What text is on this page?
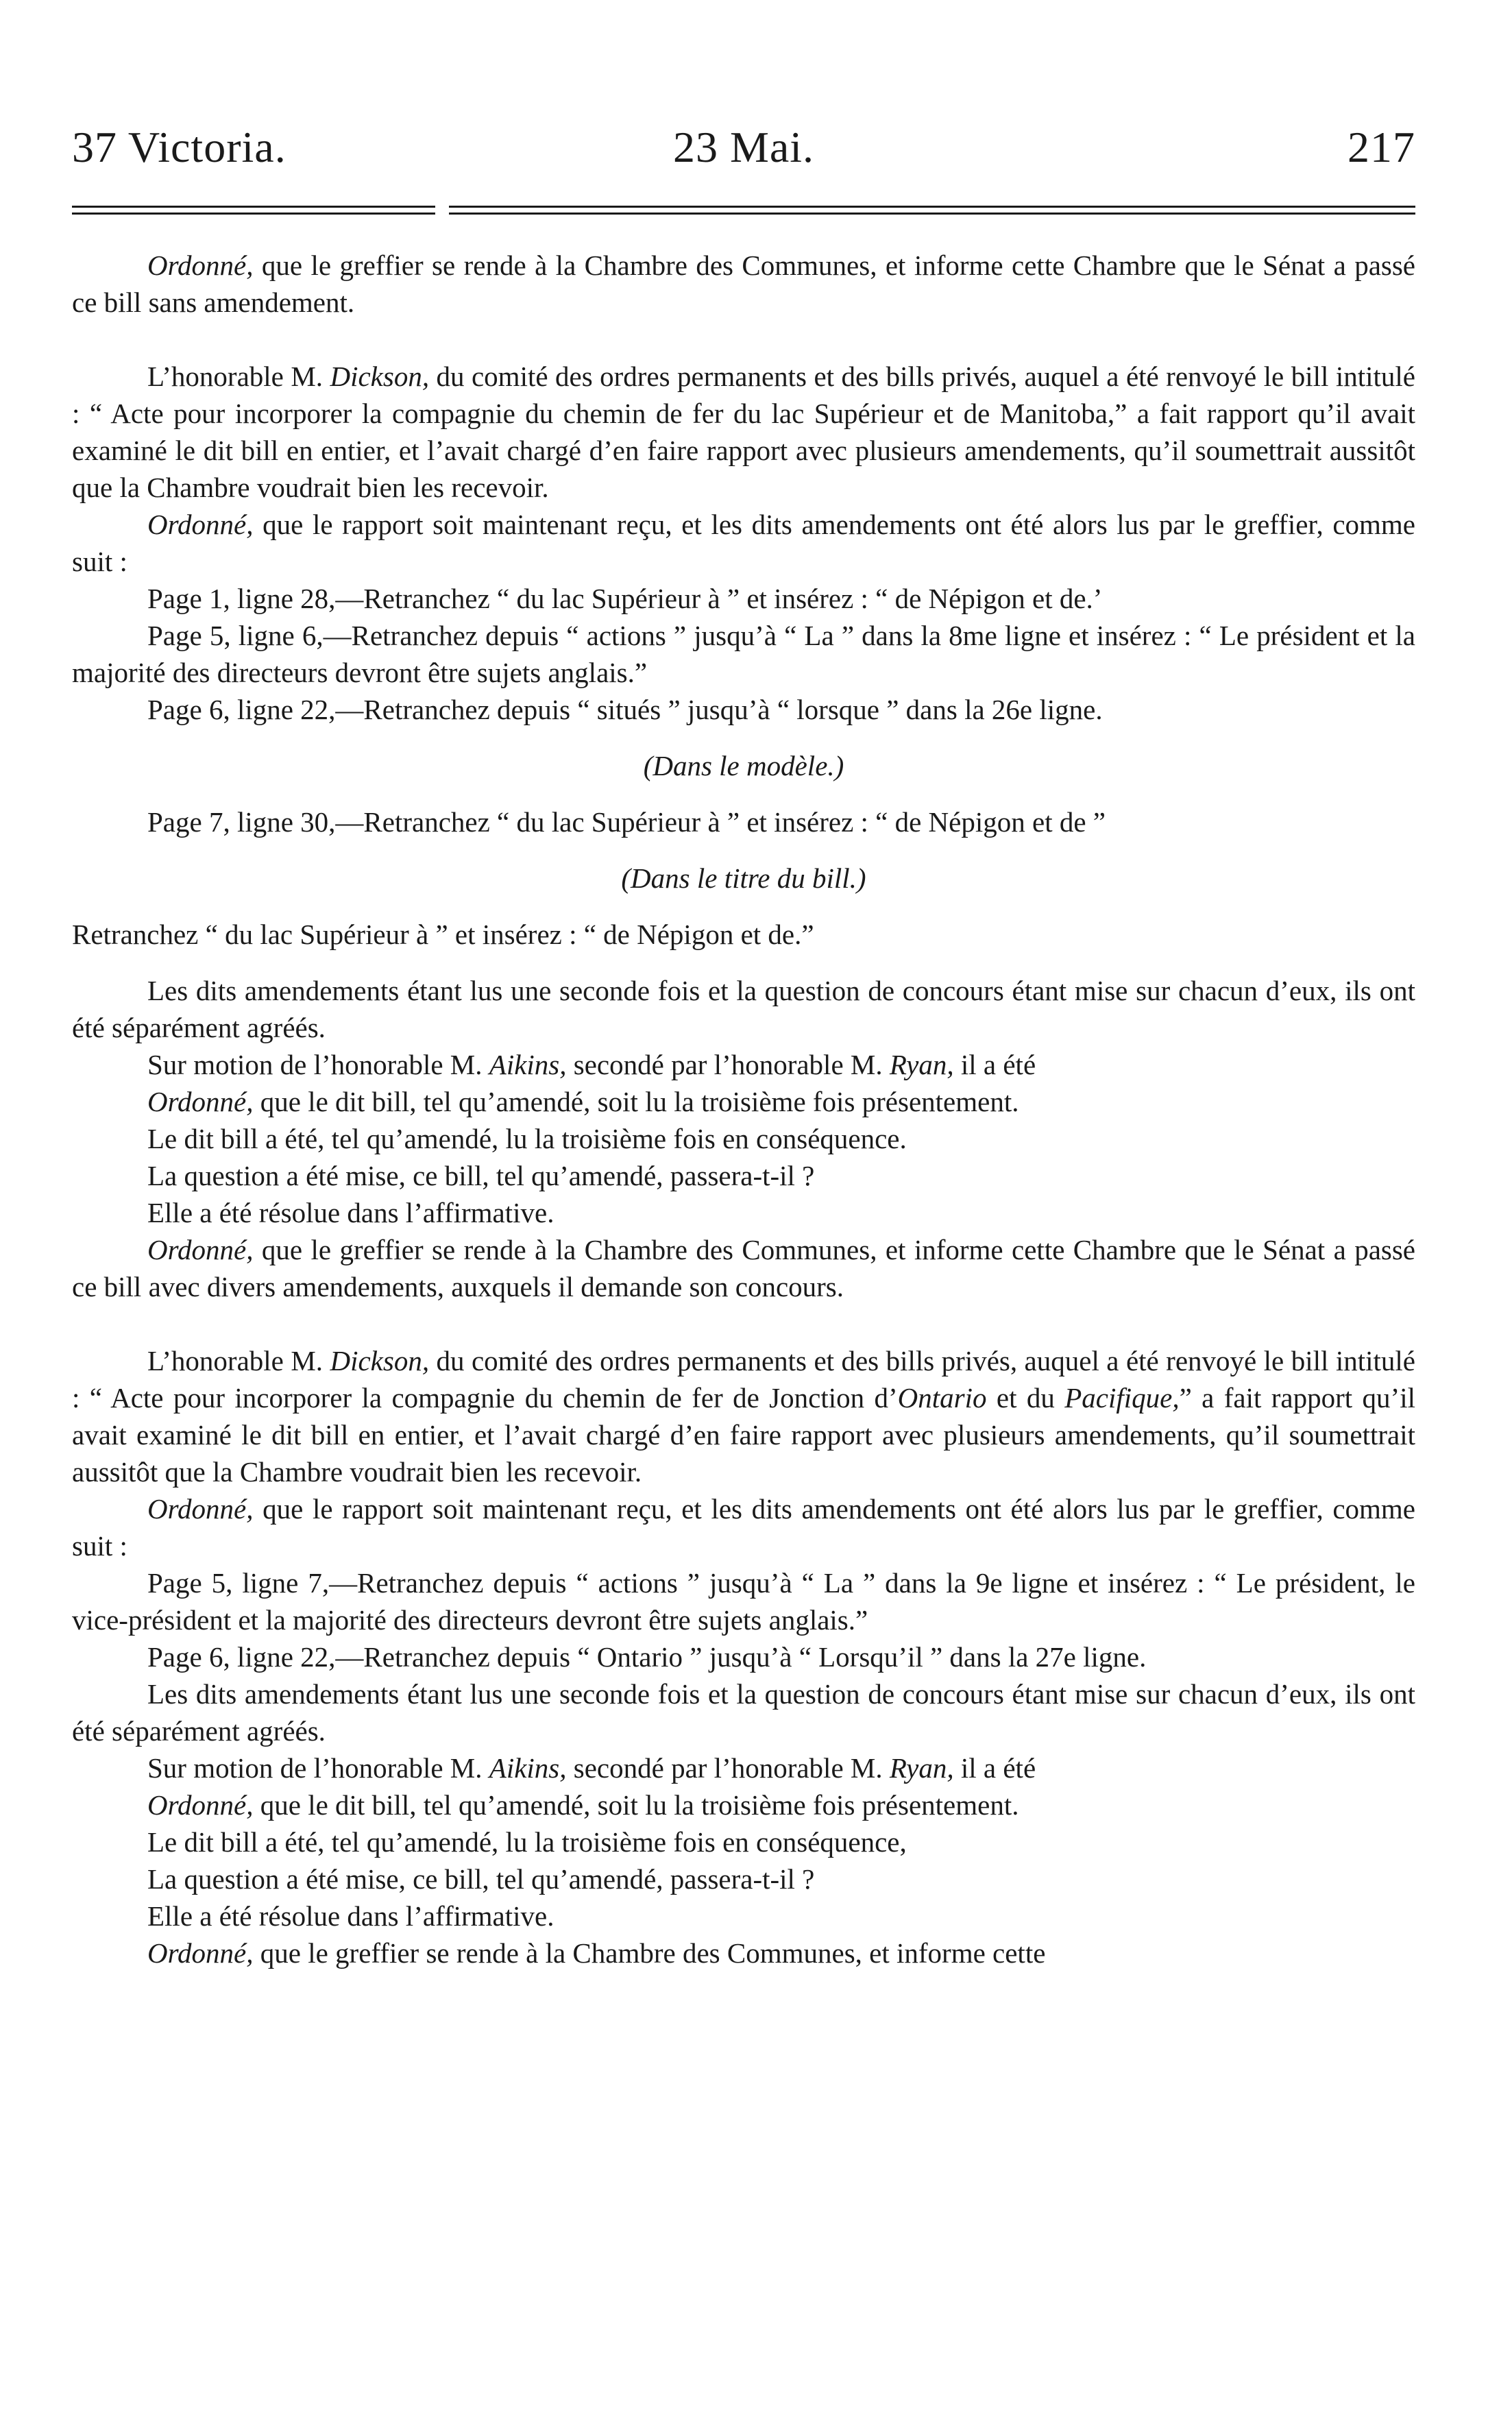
37 Victoria.	23 Mai.	217

Ordonné, que le greffier se rende à la Chambre des Communes, et informe cette Chambre que le Sénat a passé ce bill sans amendement.

L’honorable M. Dickson, du comité des ordres permanents et des bills privés, auquel a été renvoyé le bill intitulé : “ Acte pour incorporer la compagnie du chemin de fer du lac Supérieur et de Manitoba,” a fait rapport qu’il avait examiné le dit bill en entier, et l’avait chargé d’en faire rapport avec plusieurs amendements, qu’il soumettrait aussitôt que la Chambre voudrait bien les recevoir.

Ordonné, que le rapport soit maintenant reçu, et les dits amendements ont été alors lus par le greffier, comme suit :

Page 1, ligne 28,—Retranchez “ du lac Supérieur à ” et insérez : “ de Népigon et de.’

Page 5, ligne 6,—Retranchez depuis “ actions ” jusqu’à “ La ” dans la 8me ligne et insérez : “ Le président et la majorité des directeurs devront être sujets anglais.”

Page 6, ligne 22,—Retranchez depuis “ situés ” jusqu’à “ lorsque ” dans la 26e ligne.

(Dans le modèle.)

Page 7, ligne 30,—Retranchez “ du lac Supérieur à ” et insérez : “ de Népigon et de ”

(Dans le titre du bill.)

Retranchez “ du lac Supérieur à ” et insérez : “ de Népigon et de.”

Les dits amendements étant lus une seconde fois et la question de concours étant mise sur chacun d’eux, ils ont été séparément agréés.

Sur motion de l’honorable M. Aikins, secondé par l’honorable M. Ryan, il a été

Ordonné, que le dit bill, tel qu’amendé, soit lu la troisième fois présentement.

Le dit bill a été, tel qu’amendé, lu la troisième fois en conséquence.

La question a été mise, ce bill, tel qu’amendé, passera-t-il ?

Elle a été résolue dans l’affirmative.

Ordonné, que le greffier se rende à la Chambre des Communes, et informe cette Chambre que le Sénat a passé ce bill avec divers amendements, auxquels il demande son concours.

L’honorable M. Dickson, du comité des ordres permanents et des bills privés, auquel a été renvoyé le bill intitulé : “ Acte pour incorporer la compagnie du chemin de fer de Jonction d’Ontario et du Pacifique,” a fait rapport qu’il avait examiné le dit bill en entier, et l’avait chargé d’en faire rapport avec plusieurs amendements, qu’il soumettrait aussitôt que la Chambre voudrait bien les recevoir.

Ordonné, que le rapport soit maintenant reçu, et les dits amendements ont été alors lus par le greffier, comme suit :

Page 5, ligne 7,—Retranchez depuis “ actions ” jusqu’à “ La ” dans la 9e ligne et insérez : “ Le président, le vice-président et la majorité des directeurs devront être sujets anglais.”

Page 6, ligne 22,—Retranchez depuis “ Ontario ” jusqu’à “ Lorsqu’il ” dans la 27e ligne.

Les dits amendements étant lus une seconde fois et la question de concours étant mise sur chacun d’eux, ils ont été séparément agréés.

Sur motion de l’honorable M. Aikins, secondé par l’honorable M. Ryan, il a été

Ordonné, que le dit bill, tel qu’amendé, soit lu la troisième fois présentement.

Le dit bill a été, tel qu’amendé, lu la troisième fois en conséquence,

La question a été mise, ce bill, tel qu’amendé, passera-t-il ?

Elle a été résolue dans l’affirmative.

Ordonné, que le greffier se rende à la Chambre des Communes, et informe cette
